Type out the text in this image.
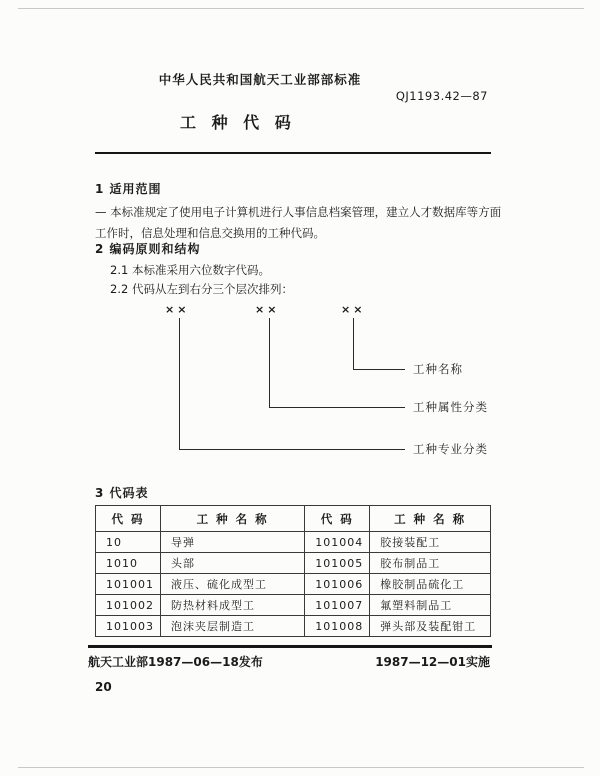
中华人民共和国航天工业部部标准
QJ1193.42—87
工 种 代 码
1 适用范围
— 本标准规定了使用电子计算机进行人事信息档案管理，建立人才数据库等方面工作时，信息处理和信息交换用的工种代码。
2 编码原则和结构
2.1 本标准采用六位数字代码。
2.2 代码从左到右分三个层次排列：
××	××	××
工种名称
工种属性分类
工种专业分类
3 代码表
代 码	工 种 名 称	代 码	工 种 名 称
10	导弹	101004	胶接装配工
1010	头部	101005	胶布制品工
101001	液压、硫化成型工	101006	橡胶制品硫化工
101002	防热材料成型工	101007	氟塑料制品工
101003	泡沫夹层制造工	101008	弹头部及装配钳工
航天工业部1987—06—18发布	1987—12—01实施
20
